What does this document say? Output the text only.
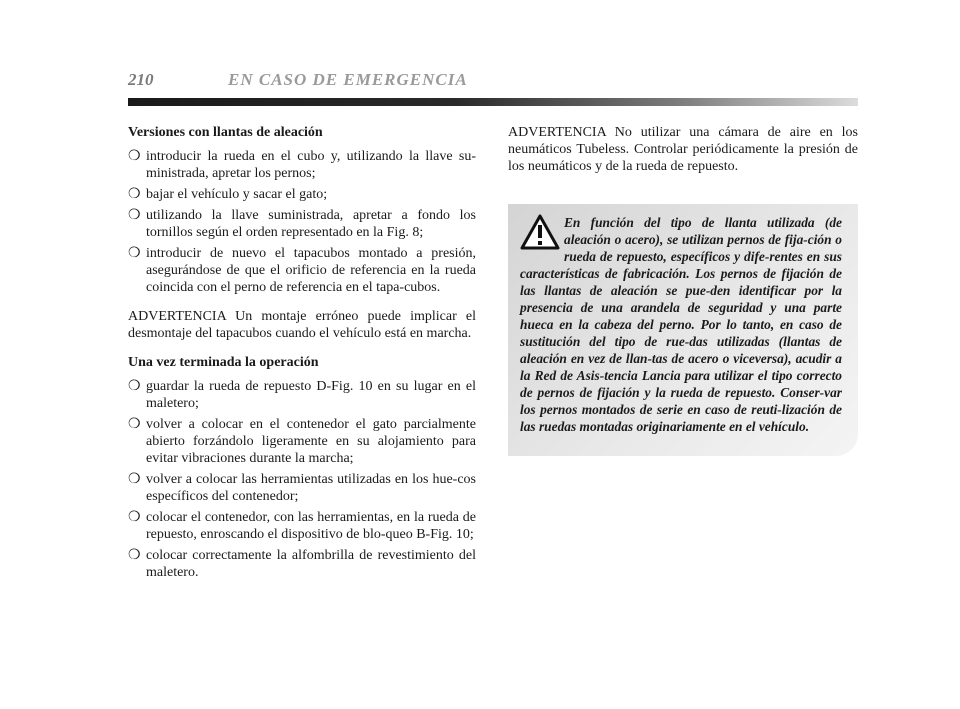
210	EN CASO DE EMERGENCIA
Versiones con llantas de aleación
❍ introducir la rueda en el cubo y, utilizando la llave su-ministrada, apretar los pernos;
❍ bajar el vehículo y sacar el gato;
❍ utilizando la llave suministrada, apretar a fondo los tornillos según el orden representado en la Fig. 8;
❍ introducir de nuevo el tapacubos montado a presión, asegurándose de que el orificio de referencia en la rueda coincida con el perno de referencia en el tapa-cubos.

ADVERTENCIA Un montaje erróneo puede implicar el desmontaje del tapacubos cuando el vehículo está en marcha.

Una vez terminada la operación
❍ guardar la rueda de repuesto D-Fig. 10 en su lugar en el maletero;
❍ volver a colocar en el contenedor el gato parcialmente abierto forzándolo ligeramente en su alojamiento para evitar vibraciones durante la marcha;
❍ volver a colocar las herramientas utilizadas en los hue-cos específicos del contenedor;
❍ colocar el contenedor, con las herramientas, en la rueda de repuesto, enroscando el dispositivo de blo-queo B-Fig. 10;
❍ colocar correctamente la alfombrilla de revestimiento del maletero.

ADVERTENCIA No utilizar una cámara de aire en los neumáticos Tubeless. Controlar periódicamente la presión de los neumáticos y de la rueda de repuesto.

En función del tipo de llanta utilizada (de aleación o acero), se utilizan pernos de fija-ción o rueda de repuesto, específicos y dife-rentes en sus características de fabricación. Los pernos de fijación de las llantas de aleación se pue-den identificar por la presencia de una arandela de seguridad y una parte hueca en la cabeza del perno. Por lo tanto, en caso de sustitución del tipo de rue-das utilizadas (llantas de aleación en vez de llan-tas de acero o viceversa), acudir a la Red de Asis-tencia Lancia para utilizar el tipo correcto de pernos de fijación y la rueda de repuesto. Conser-var los pernos montados de serie en caso de reuti-lización de las ruedas montadas originariamente en el vehículo.
